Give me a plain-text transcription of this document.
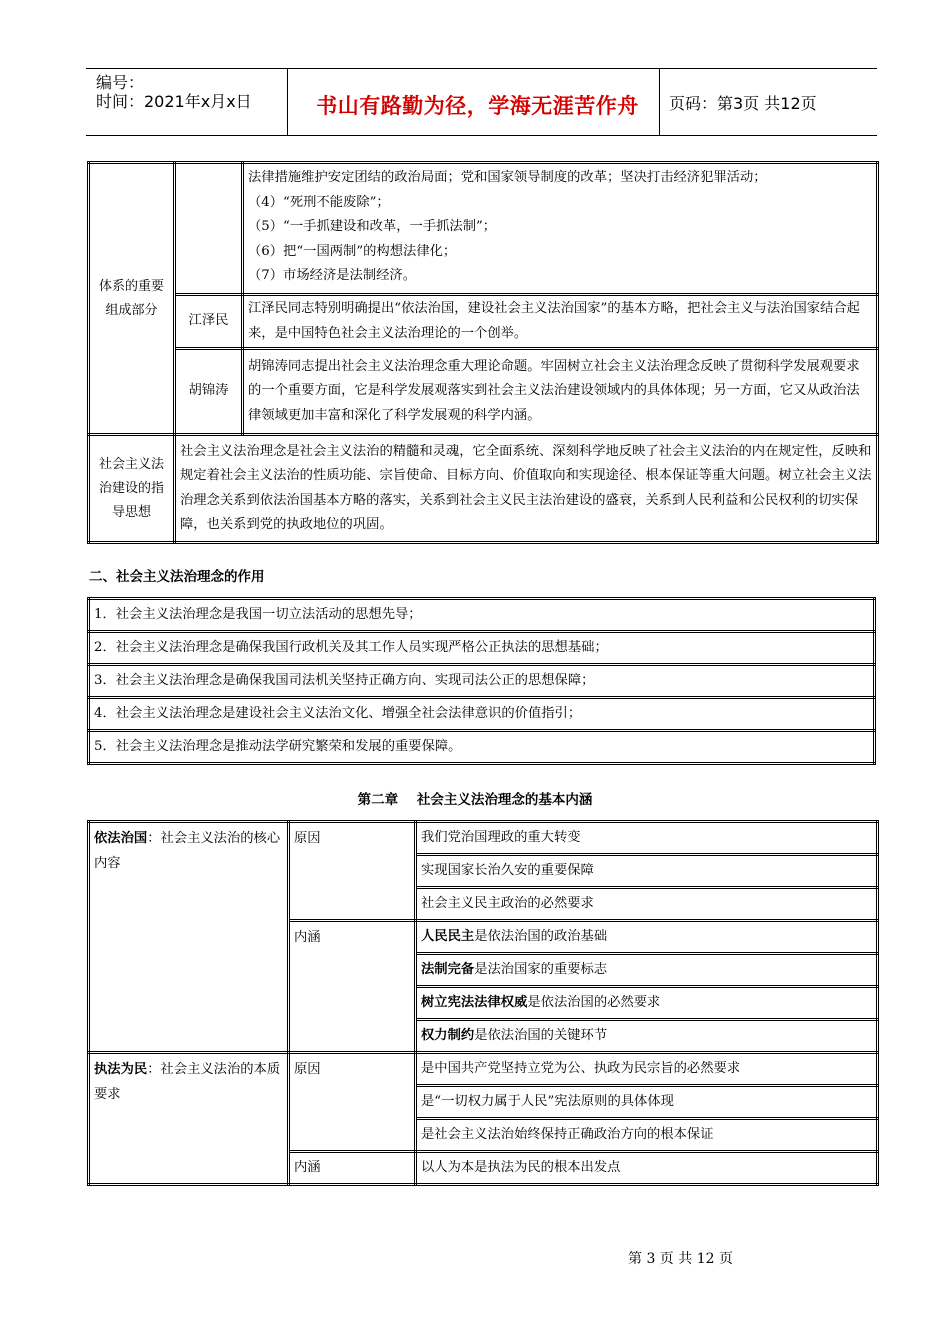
编号：
时间：2021年x月x日	书山有路勤为径，学海无涯苦作舟	页码：第3页 共12页
体系的重要组成部分		法律措施维护安定团结的政治局面；党和国家领导制度的改革；坚决打击经济犯罪活动；
（4）“死刑不能废除”；
（5）“一手抓建设和改革，一手抓法制”；
（6）把“一国两制”的构想法律化；
（7）市场经济是法制经济。

	江泽民	江泽民同志特别明确提出“依法治国，建设社会主义法治国家”的基本方略，把社会主义与法治国家结合起来，是中国特色社会主义法治理论的一个创举。
	胡锦涛	胡锦涛同志提出社会主义法治理念重大理论命题。牢固树立社会主义法治理念反映了贯彻科学发展观要求的一个重要方面，它是科学发展观落实到社会主义法治建设领域内的具体体现；另一方面，它又从政治法律领域更加丰富和深化了科学发展观的科学内涵。
社会主义法治建设的指导思想	社会主义法治理念是社会主义法治的精髓和灵魂，它全面系统、深刻科学地反映了社会主义法治的内在规定性，反映和规定着社会主义法治的性质功能、宗旨使命、目标方向、价值取向和实现途径、根本保证等重大问题。树立社会主义法治理念关系到依法治国基本方略的落实，关系到社会主义民主法治建设的盛衰，关系到人民利益和公民权利的切实保障，也关系到党的执政地位的巩固。	
二、社会主义法治理念的作用
1．社会主义法治理念是我国一切立法活动的思想先导；
2．社会主义法治理念是确保我国行政机关及其工作人员实现严格公正执法的思想基础；
3．社会主义法治理念是确保我国司法机关坚持正确方向、实现司法公正的思想保障；
4．社会主义法治理念是建设社会主义法治文化、增强全社会法律意识的价值指引；
5．社会主义法治理念是推动法学研究繁荣和发展的重要保障。
第二章    社会主义法治理念的基本内涵
依法治国：社会主义法治的核心内容	原因	我们党治国理政的重大转变
		实现国家长治久安的重要保障
		社会主义民主政治的必然要求
	内涵	人民民主是依法治国的政治基础
		法制完备是法治国家的重要标志
		树立宪法法律权威是依法治国的必然要求
		权力制约是依法治国的关键环节
执法为民：社会主义法治的本质要求	原因	是中国共产党坚持立党为公、执政为民宗旨的必然要求
		是“一切权力属于人民”宪法原则的具体体现
		是社会主义法治始终保持正确政治方向的根本保证
	内涵	以人为本是执法为民的根本出发点
第 3 页 共 12 页
